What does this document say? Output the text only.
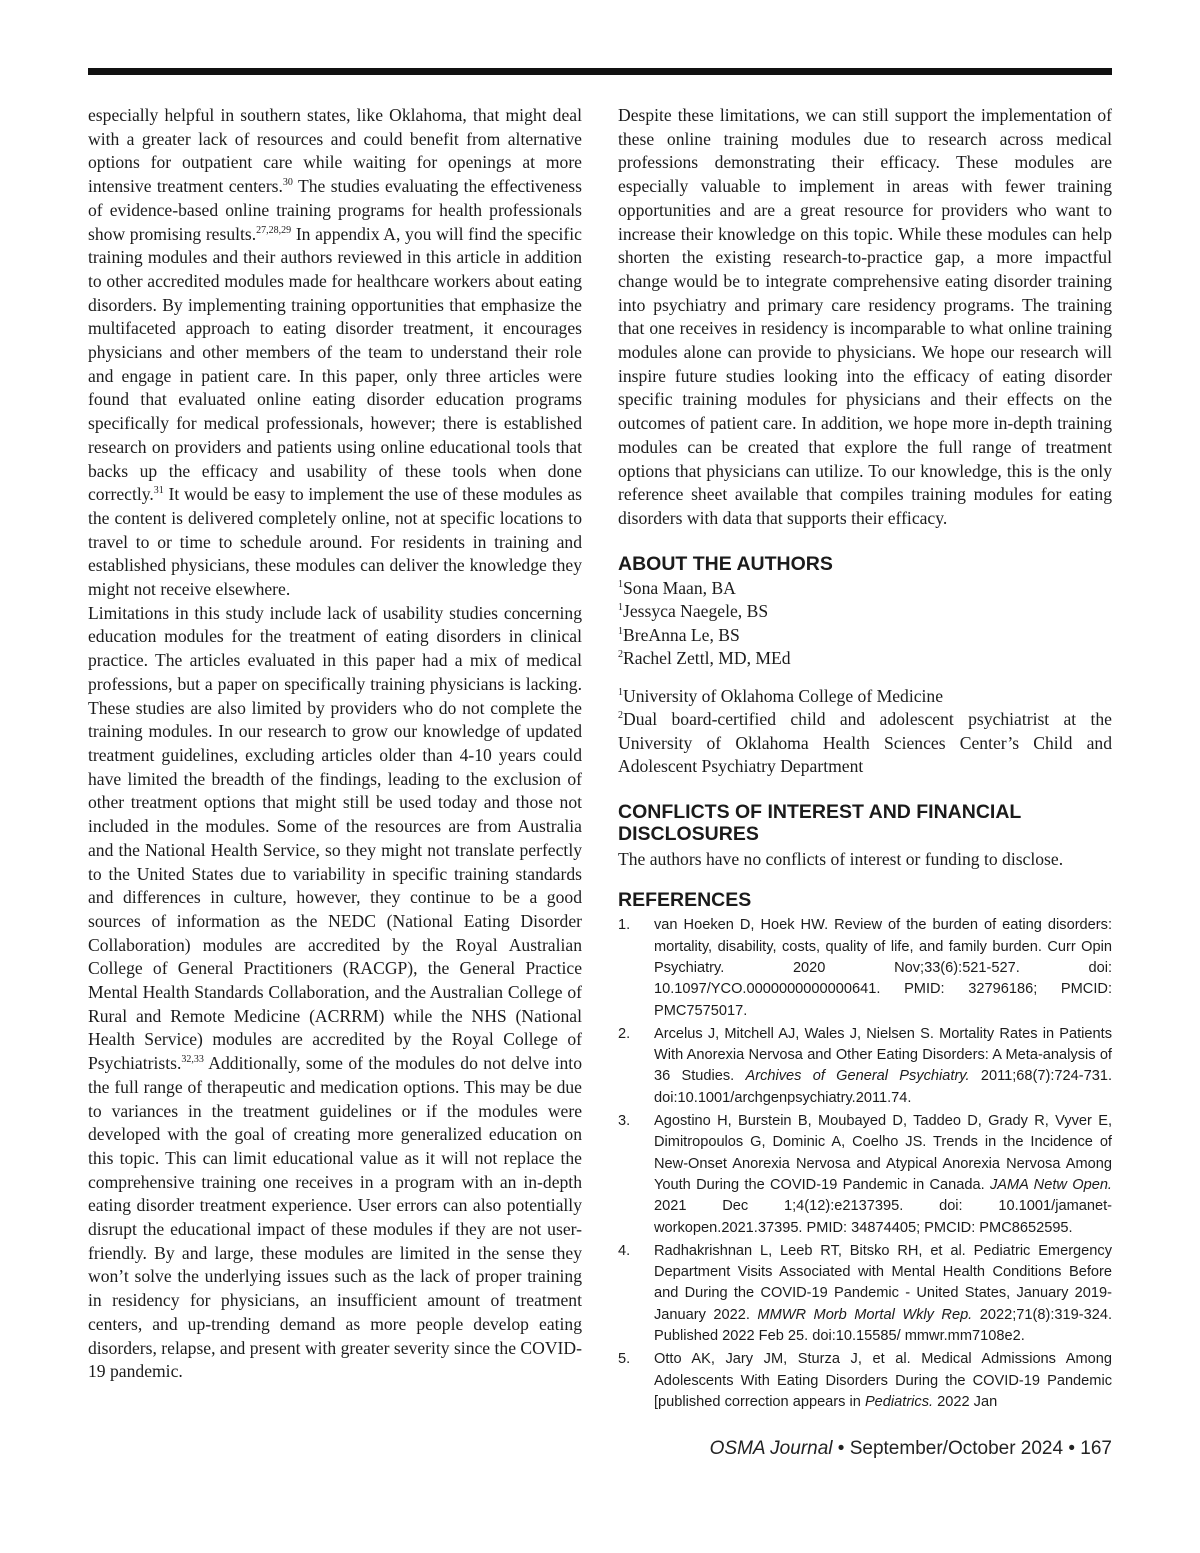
especially helpful in southern states, like Oklahoma, that might deal with a greater lack of resources and could benefit from alternative options for outpatient care while waiting for openings at more intensive treatment centers.$^{30}$ The studies evaluating the effectiveness of evidence-based online training programs for health professionals show promising results.$^{27,28,29}$ In appendix A, you will find the specific training modules and their authors reviewed in this article in addition to other accredited modules made for healthcare workers about eating disorders. By implementing training opportunities that emphasize the multifaceted approach to eating disorder treatment, it encourages physicians and other members of the team to understand their role and engage in patient care. In this paper, only three articles were found that evaluated online eating disorder education programs specifically for medical professionals, however; there is established research on providers and patients using online educational tools that backs up the efficacy and usability of these tools when done correctly.$^{31}$ It would be easy to implement the use of these modules as the content is delivered completely online, not at specific locations to travel to or time to schedule around. For residents in training and established physicians, these modules can deliver the knowledge they might not receive elsewhere.

Limitations in this study include lack of usability studies concerning education modules for the treatment of eating disorders in clinical practice. The articles evaluated in this paper had a mix of medical professions, but a paper on specifically training physicians is lacking. These studies are also limited by providers who do not complete the training modules. In our research to grow our knowledge of updated treatment guidelines, excluding articles older than 4-10 years could have limited the breadth of the findings, leading to the exclusion of other treatment options that might still be used today and those not included in the modules. Some of the resources are from Australia and the National Health Service, so they might not translate perfectly to the United States due to variability in specific training standards and differences in culture, however, they continue to be a good sources of information as the NEDC (National Eating Disorder Collaboration) modules are accredited by the Royal Australian College of General Practitioners (RACGP), the General Practice Mental Health Standards Collaboration, and the Australian College of Rural and Remote Medicine (ACRRM) while the NHS (National Health Service) modules are accredited by the Royal College of Psychiatrists.$^{32,33}$ Additionally, some of the modules do not delve into the full range of therapeutic and medication options. This may be due to variances in the treatment guidelines or if the modules were developed with the goal of creating more generalized education on this topic. This can limit educational value as it will not replace the comprehensive training one receives in a program with an in-depth eating disorder treatment experience. User errors can also potentially disrupt the educational impact of these modules if they are not user-friendly. By and large, these modules are limited in the sense they won’t solve the underlying issues such as the lack of proper training in residency for physicians, an insufficient amount of treatment centers, and up-trending demand as more people develop eating disorders, relapse, and present with greater severity since the COVID-19 pandemic.

Despite these limitations, we can still support the implementation of these online training modules due to research across medical professions demonstrating their efficacy. These modules are especially valuable to implement in areas with fewer training opportunities and are a great resource for providers who want to increase their knowledge on this topic. While these modules can help shorten the existing research-to-practice gap, a more impactful change would be to integrate comprehensive eating disorder training into psychiatry and primary care residency programs. The training that one receives in residency is incomparable to what online training modules alone can provide to physicians. We hope our research will inspire future studies looking into the efficacy of eating disorder specific training modules for physicians and their effects on the outcomes of patient care. In addition, we hope more in-depth training modules can be created that explore the full range of treatment options that physicians can utilize. To our knowledge, this is the only reference sheet available that compiles training modules for eating disorders with data that supports their efficacy.

ABOUT THE AUTHORS
$^1$Sona Maan, BA
$^1$Jessyca Naegele, BS
$^1$BreAnna Le, BS
$^2$Rachel Zettl, MD, MEd
$^1$University of Oklahoma College of Medicine
$^2$Dual board-certified child and adolescent psychiatrist at the University of Oklahoma Health Sciences Center’s Child and Adolescent Psychiatry Department
CONFLICTS OF INTEREST AND FINANCIAL
DISCLOSURES

The authors have no conflicts of interest or funding to disclose.

REFERENCES
1.	van Hoeken D, Hoek HW. Review of the burden of eating disorders: mortality, disability, costs, quality of life, and family burden. Curr Opin Psychiatry. 2020 Nov;33(6):521-527. doi: 10.1097/YCO.0000000000000641. PMID: 32796186; PMCID: PMC7575017.
2.	Arcelus J, Mitchell AJ, Wales J, Nielsen S. Mortality Rates in Patients With Anorexia Nervosa and Other Eating Disorders: A Meta-analysis of 36 Studies. Archives of General Psychiatry. 2011;68(7):724-731. doi:10.1001/archgenpsychiatry.2011.74.
3.	Agostino H, Burstein B, Moubayed D, Taddeo D, Grady R, Vyver E, Dimitropoulos G, Dominic A, Coelho JS. Trends in the Incidence of New-Onset Anorexia Nervosa and Atypical Anorexia Nervosa Among Youth During the COVID-19 Pandemic in Canada. JAMA Netw Open. 2021 Dec 1;4(12):e2137395. doi: 10.1001/jamanetworkopen.2021.37395. PMID: 34874405; PMCID: PMC8652595.
4.	Radhakrishnan L, Leeb RT, Bitsko RH, et al. Pediatric Emergency Department Visits Associated with Mental Health Conditions Before and During the COVID-19 Pandemic - United States, January 2019-January 2022. MMWR Morb Mortal Wkly Rep. 2022;71(8):319-324. Published 2022 Feb 25. doi:10.15585/ mmwr.mm7108e2.
5.	Otto AK, Jary JM, Sturza J, et al. Medical Admissions Among Adolescents With Eating Disorders During the COVID-19 Pandemic [published correction appears in Pediatrics. 2022 Jan
OSMA Journal • September/October 2024 • 167
